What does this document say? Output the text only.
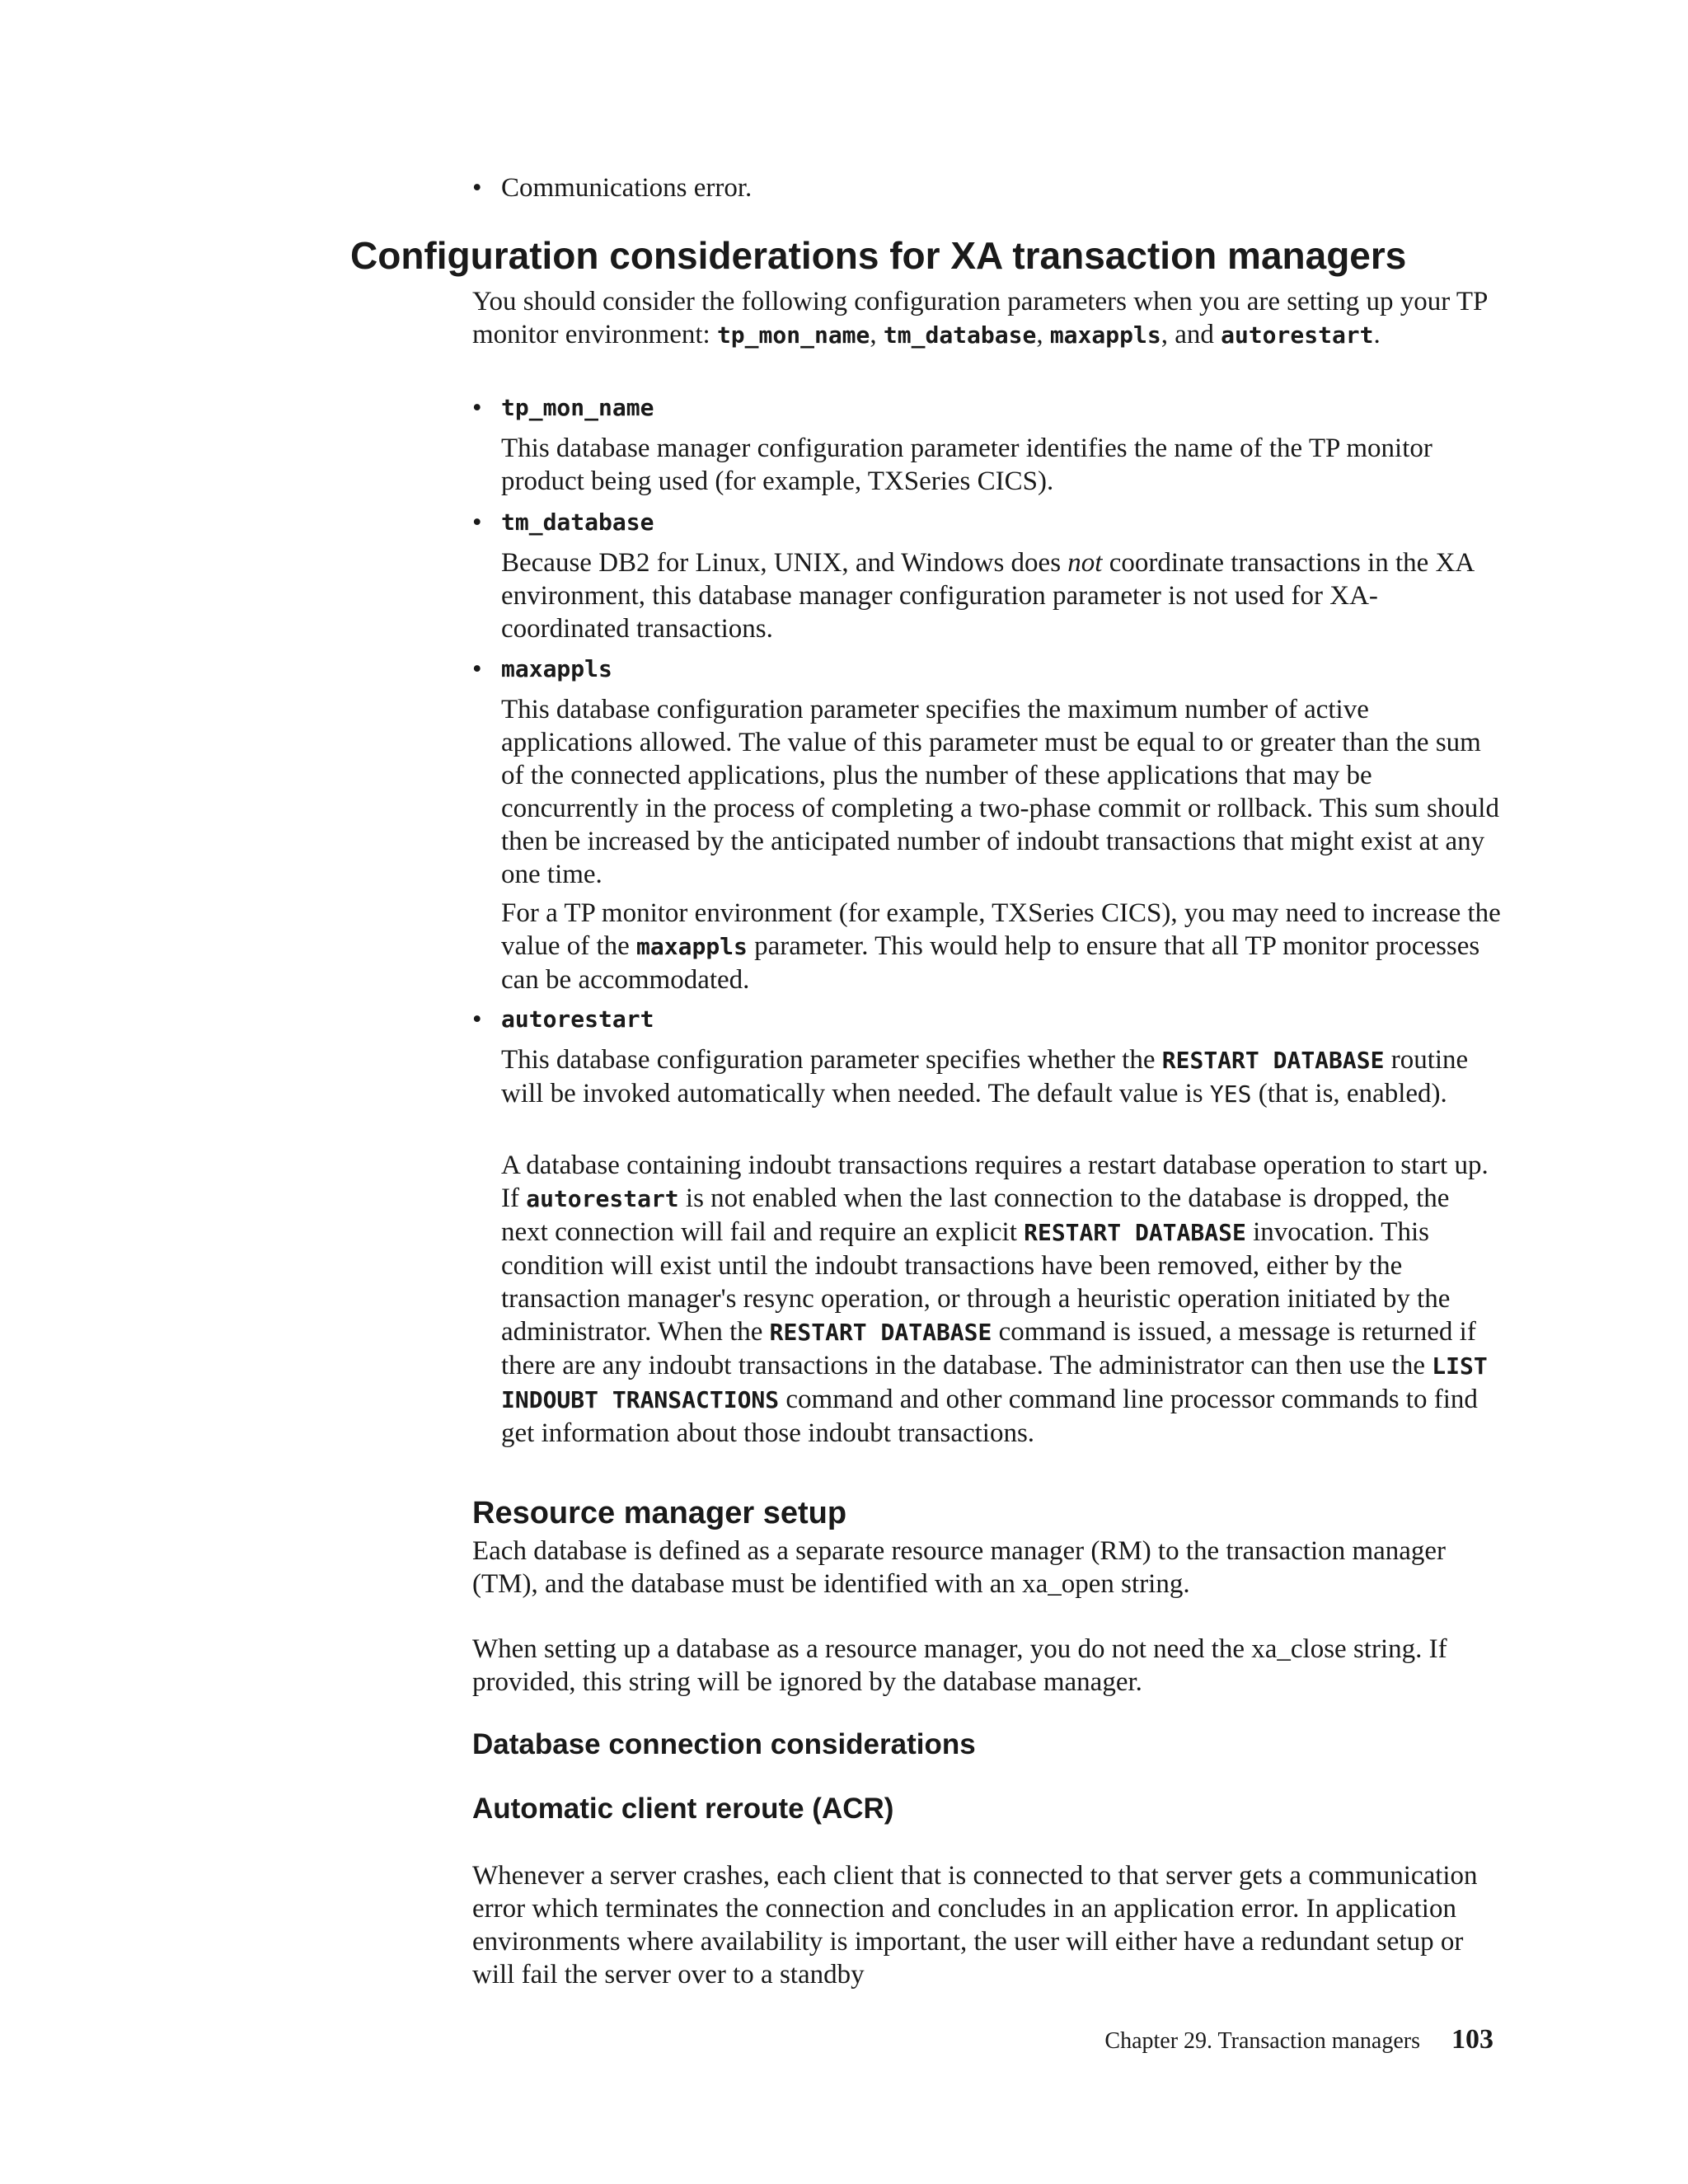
• Communications error.
Configuration considerations for XA transaction managers

You should consider the following configuration parameters when you are setting up your TP monitor environment: tp_mon_name, tm_database, maxappls, and autorestart.

• tp_mon_name

This database manager configuration parameter identifies the name of the TP monitor product being used (for example, TXSeries CICS).

• tm_database

Because DB2 for Linux, UNIX, and Windows does not coordinate transactions in the XA environment, this database manager configuration parameter is not used for XA-coordinated transactions.

• maxappls

This database configuration parameter specifies the maximum number of active applications allowed. The value of this parameter must be equal to or greater than the sum of the connected applications, plus the number of these applications that may be concurrently in the process of completing a two-phase commit or rollback. This sum should then be increased by the anticipated number of indoubt transactions that might exist at any one time.

For a TP monitor environment (for example, TXSeries CICS), you may need to increase the value of the maxappls parameter. This would help to ensure that all TP monitor processes can be accommodated.

• autorestart

This database configuration parameter specifies whether the RESTART DATABASE routine will be invoked automatically when needed. The default value is YES (that is, enabled).

A database containing indoubt transactions requires a restart database operation to start up. If autorestart is not enabled when the last connection to the database is dropped, the next connection will fail and require an explicit RESTART DATABASE invocation. This condition will exist until the indoubt transactions have been removed, either by the transaction manager's resync operation, or through a heuristic operation initiated by the administrator. When the RESTART DATABASE command is issued, a message is returned if there are any indoubt transactions in the database. The administrator can then use the LIST INDOUBT TRANSACTIONS command and other command line processor commands to find get information about those indoubt transactions.

Resource manager setup

Each database is defined as a separate resource manager (RM) to the transaction manager (TM), and the database must be identified with an xa_open string.

When setting up a database as a resource manager, you do not need the xa_close string. If provided, this string will be ignored by the database manager.

Database connection considerations
Automatic client reroute (ACR)

Whenever a server crashes, each client that is connected to that server gets a communication error which terminates the connection and concludes in an application error. In application environments where availability is important, the user will either have a redundant setup or will fail the server over to a standby

Chapter 29. Transaction managers 103
